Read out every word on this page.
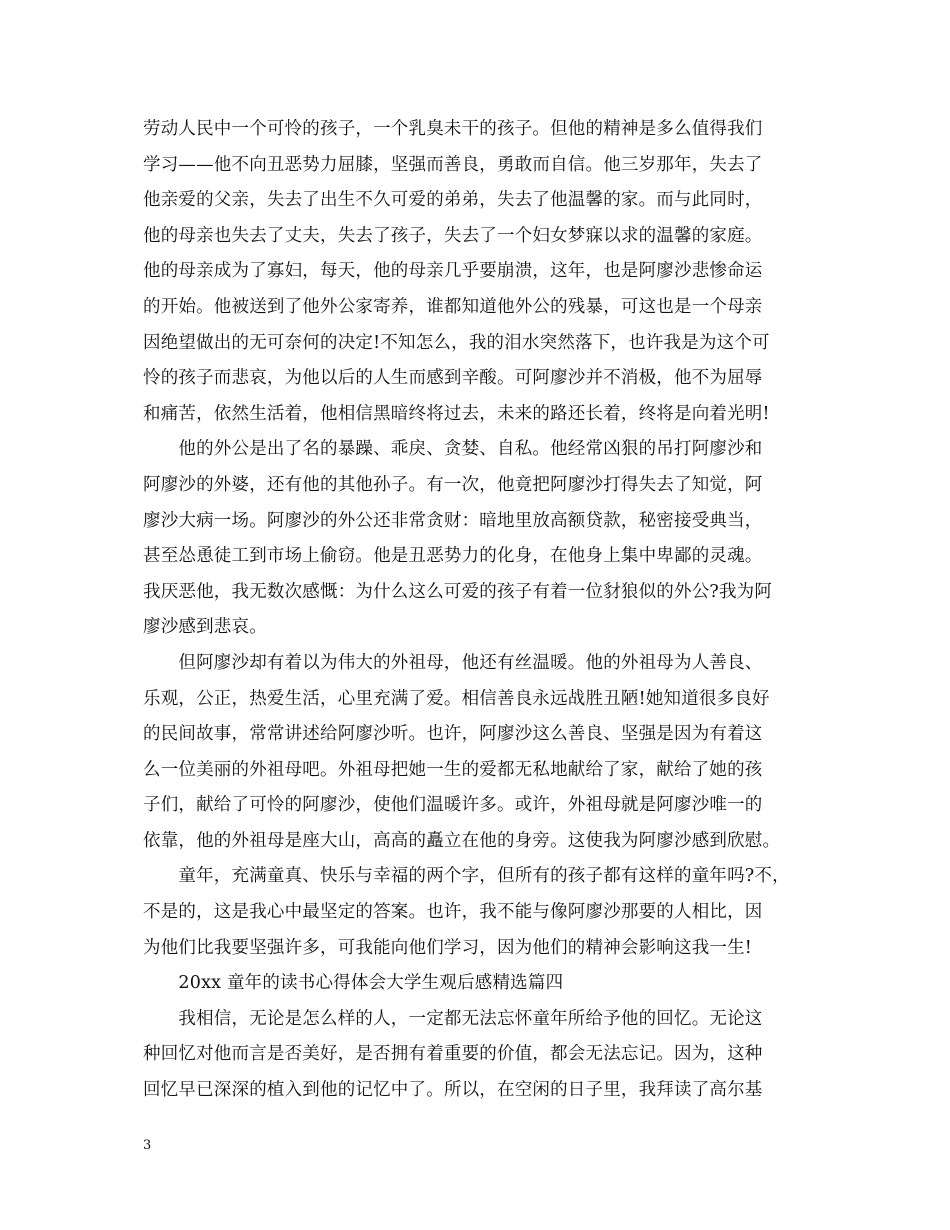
劳动人民中一个可怜的孩子，一个乳臭未干的孩子。但他的精神是多么值得我们
学习——他不向丑恶势力屈膝，坚强而善良，勇敢而自信。他三岁那年，失去了
他亲爱的父亲，失去了出生不久可爱的弟弟，失去了他温馨的家。而与此同时，
他的母亲也失去了丈夫，失去了孩子，失去了一个妇女梦寐以求的温馨的家庭。
他的母亲成为了寡妇，每天，他的母亲几乎要崩溃，这年，也是阿廖沙悲惨命运
的开始。他被送到了他外公家寄养，谁都知道他外公的残暴，可这也是一个母亲
因绝望做出的无可奈何的决定!不知怎么，我的泪水突然落下，也许我是为这个可
怜的孩子而悲哀，为他以后的人生而感到辛酸。可阿廖沙并不消极，他不为屈辱
和痛苦，依然生活着，他相信黑暗终将过去，未来的路还长着，终将是向着光明!
　　他的外公是出了名的暴躁、乖戾、贪婪、自私。他经常凶狠的吊打阿廖沙和
阿廖沙的外婆，还有他的其他孙子。有一次，他竟把阿廖沙打得失去了知觉，阿
廖沙大病一场。阿廖沙的外公还非常贪财：暗地里放高额贷款，秘密接受典当，
甚至怂恿徒工到市场上偷窃。他是丑恶势力的化身，在他身上集中卑鄙的灵魂。
我厌恶他，我无数次感慨：为什么这么可爱的孩子有着一位豺狼似的外公?我为阿
廖沙感到悲哀。
　　但阿廖沙却有着以为伟大的外祖母，他还有丝温暖。他的外祖母为人善良、
乐观，公正，热爱生活，心里充满了爱。相信善良永远战胜丑陋!她知道很多良好
的民间故事，常常讲述给阿廖沙听。也许，阿廖沙这么善良、坚强是因为有着这
么一位美丽的外祖母吧。外祖母把她一生的爱都无私地献给了家，献给了她的孩
子们，献给了可怜的阿廖沙，使他们温暖许多。或许，外祖母就是阿廖沙唯一的
依靠，他的外祖母是座大山，高高的矗立在他的身旁。这使我为阿廖沙感到欣慰。
　　童年，充满童真、快乐与幸福的两个字，但所有的孩子都有这样的童年吗?不，
不是的，这是我心中最坚定的答案。也许，我不能与像阿廖沙那要的人相比，因
为他们比我要坚强许多，可我能向他们学习，因为他们的精神会影响这我一生!
　　20xx 童年的读书心得体会大学生观后感精选篇四
　　我相信，无论是怎么样的人，一定都无法忘怀童年所给予他的回忆。无论这
种回忆对他而言是否美好，是否拥有着重要的价值，都会无法忘记。因为，这种
回忆早已深深的植入到他的记忆中了。所以，在空闲的日子里，我拜读了高尔基
3
